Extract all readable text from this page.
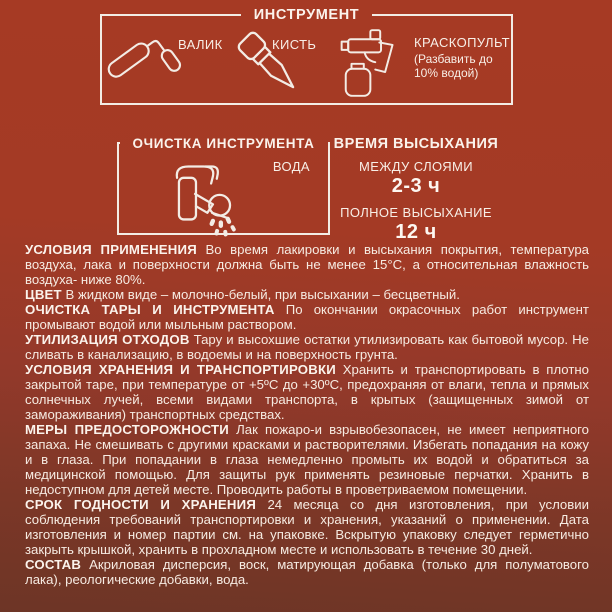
ИНСТРУМЕНТ
ВАЛИК	КИСТЬ	КРАСКОПУЛЬТ
(Разбавить до 10% водой)
ОЧИСТКА ИНСТРУМЕНТА
ВОДА
ВРЕМЯ ВЫСЫХАНИЯ
МЕЖДУ СЛОЯМИ
2-3 ч
ПОЛНОЕ ВЫСЫХАНИЕ
12 ч

УСЛОВИЯ ПРИМЕНЕНИЯ Во время лакировки и высыхания покрытия, температура воздуха, лака и поверхности должна быть не менее 15°С, а относительная влажность воздуха- ниже 80%.

ЦВЕТ В жидком виде – молочно-белый, при высыхании – бесцветный.

ОЧИСТКА ТАРЫ И ИНСТРУМЕНТА По окончании окрасочных работ инструмент промывают водой или мыльным раствором.

УТИЛИЗАЦИЯ ОТХОДОВ Тару и высохшие остатки утилизировать как бытовой мусор. Не сливать в канализацию, в водоемы и на поверхность грунта.

УСЛОВИЯ ХРАНЕНИЯ И ТРАНСПОРТИРОВКИ Хранить и транспортировать в плотно закрытой таре, при температуре от +5ºС до +30ºС, предохраняя от влаги, тепла и прямых солнечных лучей, всеми видами транспорта, в крытых (защищенных зимой от замораживания) транспортных средствах.

МЕРЫ ПРЕДОСТОРОЖНОСТИ Лак пожаро-и взрывобезопасен, не имеет неприятного запаха. Не смешивать с другими красками и растворителями. Избегать попадания на кожу и в глаза. При попадании в глаза немедленно промыть их водой и обратиться за медицинской помощью. Для защиты рук применять резиновые перчатки. Хранить в недоступном для детей месте. Проводить работы в проветриваемом помещении.

СРОК ГОДНОСТИ И ХРАНЕНИЯ 24 месяца со дня изготовления, при условии соблюдения требований транспортировки и хранения, указаний о применении. Дата изготовления и номер партии см. на упаковке. Вскрытую упаковку следует герметично закрыть крышкой, хранить в прохладном месте и использовать в течение 30 дней.

СОСТАВ Акриловая дисперсия, воск, матирующая добавка (только для полуматового лака), реологические добавки, вода.
